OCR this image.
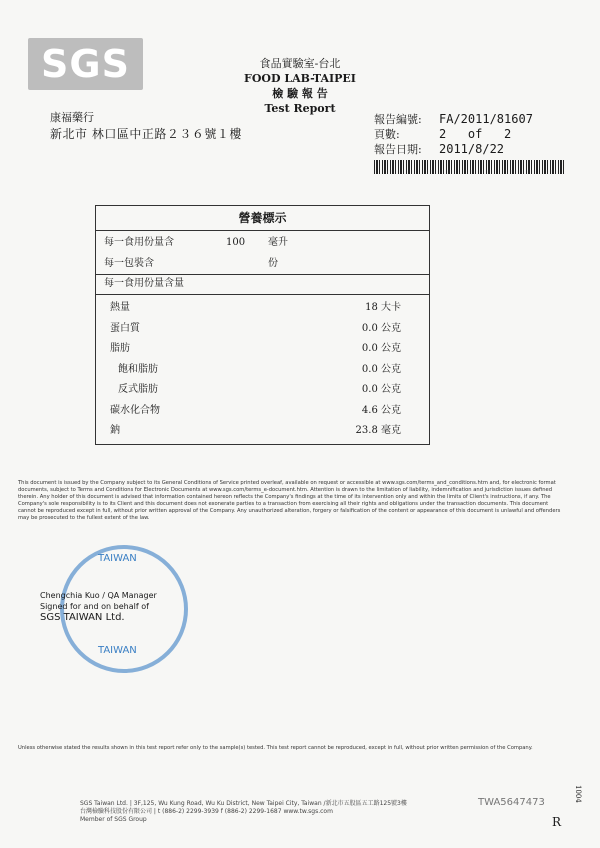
SGS	食品實驗室-台北
FOOD LAB-TAIPEI
檢 驗 報 告
Test Report
康福藥行
新北市 林口區中正路２３６號１樓
報告編號:	FA/2011/81607
頁數:	2   of   2
報告日期:	2011/8/22
營養標示
每一食用份量含	100 毫升
每一包裝含	份
每一食用份量含量
熱量	18 大卡
蛋白質	0.0 公克
脂肪	0.0 公克
飽和脂肪	0.0 公克
反式脂肪	0.0 公克
碳水化合物	4.6 公克
鈉	23.8 毫克
This document is issued by the Company subject to its General Conditions of Service printed overleaf, available on request or accessible at www.sgs.com/terms_and_conditions.htm and, for electronic format documents, subject to Terms and Conditions for Electronic Documents at www.sgs.com/terms_e-document.htm. Attention is drawn to the limitation of liability, indemnification and jurisdiction issues defined therein. Any holder of this document is advised that information contained hereon reflects the Company's findings at the time of its intervention only and within the limits of Client's instructions, if any. The Company's sole responsibility is to its Client and this document does not exonerate parties to a transaction from exercising all their rights and obligations under the transaction documents. This document cannot be reproduced except in full, without prior written approval of the Company. Any unauthorized alteration, forgery or falsification of the content or appearance of this document is unlawful and offenders may be prosecuted to the fullest extent of the law.
TAIWAN
TAIWAN
Chengchia Kuo / QA Manager
Signed for and on behalf of
SGS TAIWAN Ltd.
Unless otherwise stated the results shown in this test report refer only to the sample(s) tested. This test report cannot be reproduced, except in full, without prior written permission of the Company.
SGS Taiwan Ltd. | 3F,125, Wu Kung Road, Wu Ku District, New Taipei City, Taiwan /新北市五股區五工路125號3樓
台灣檢驗科技股份有限公司 | t (886-2) 2299-3939 f (886-2) 2299-1687 www.tw.sgs.com
Member of SGS Group
TWA5647473	1004
R
